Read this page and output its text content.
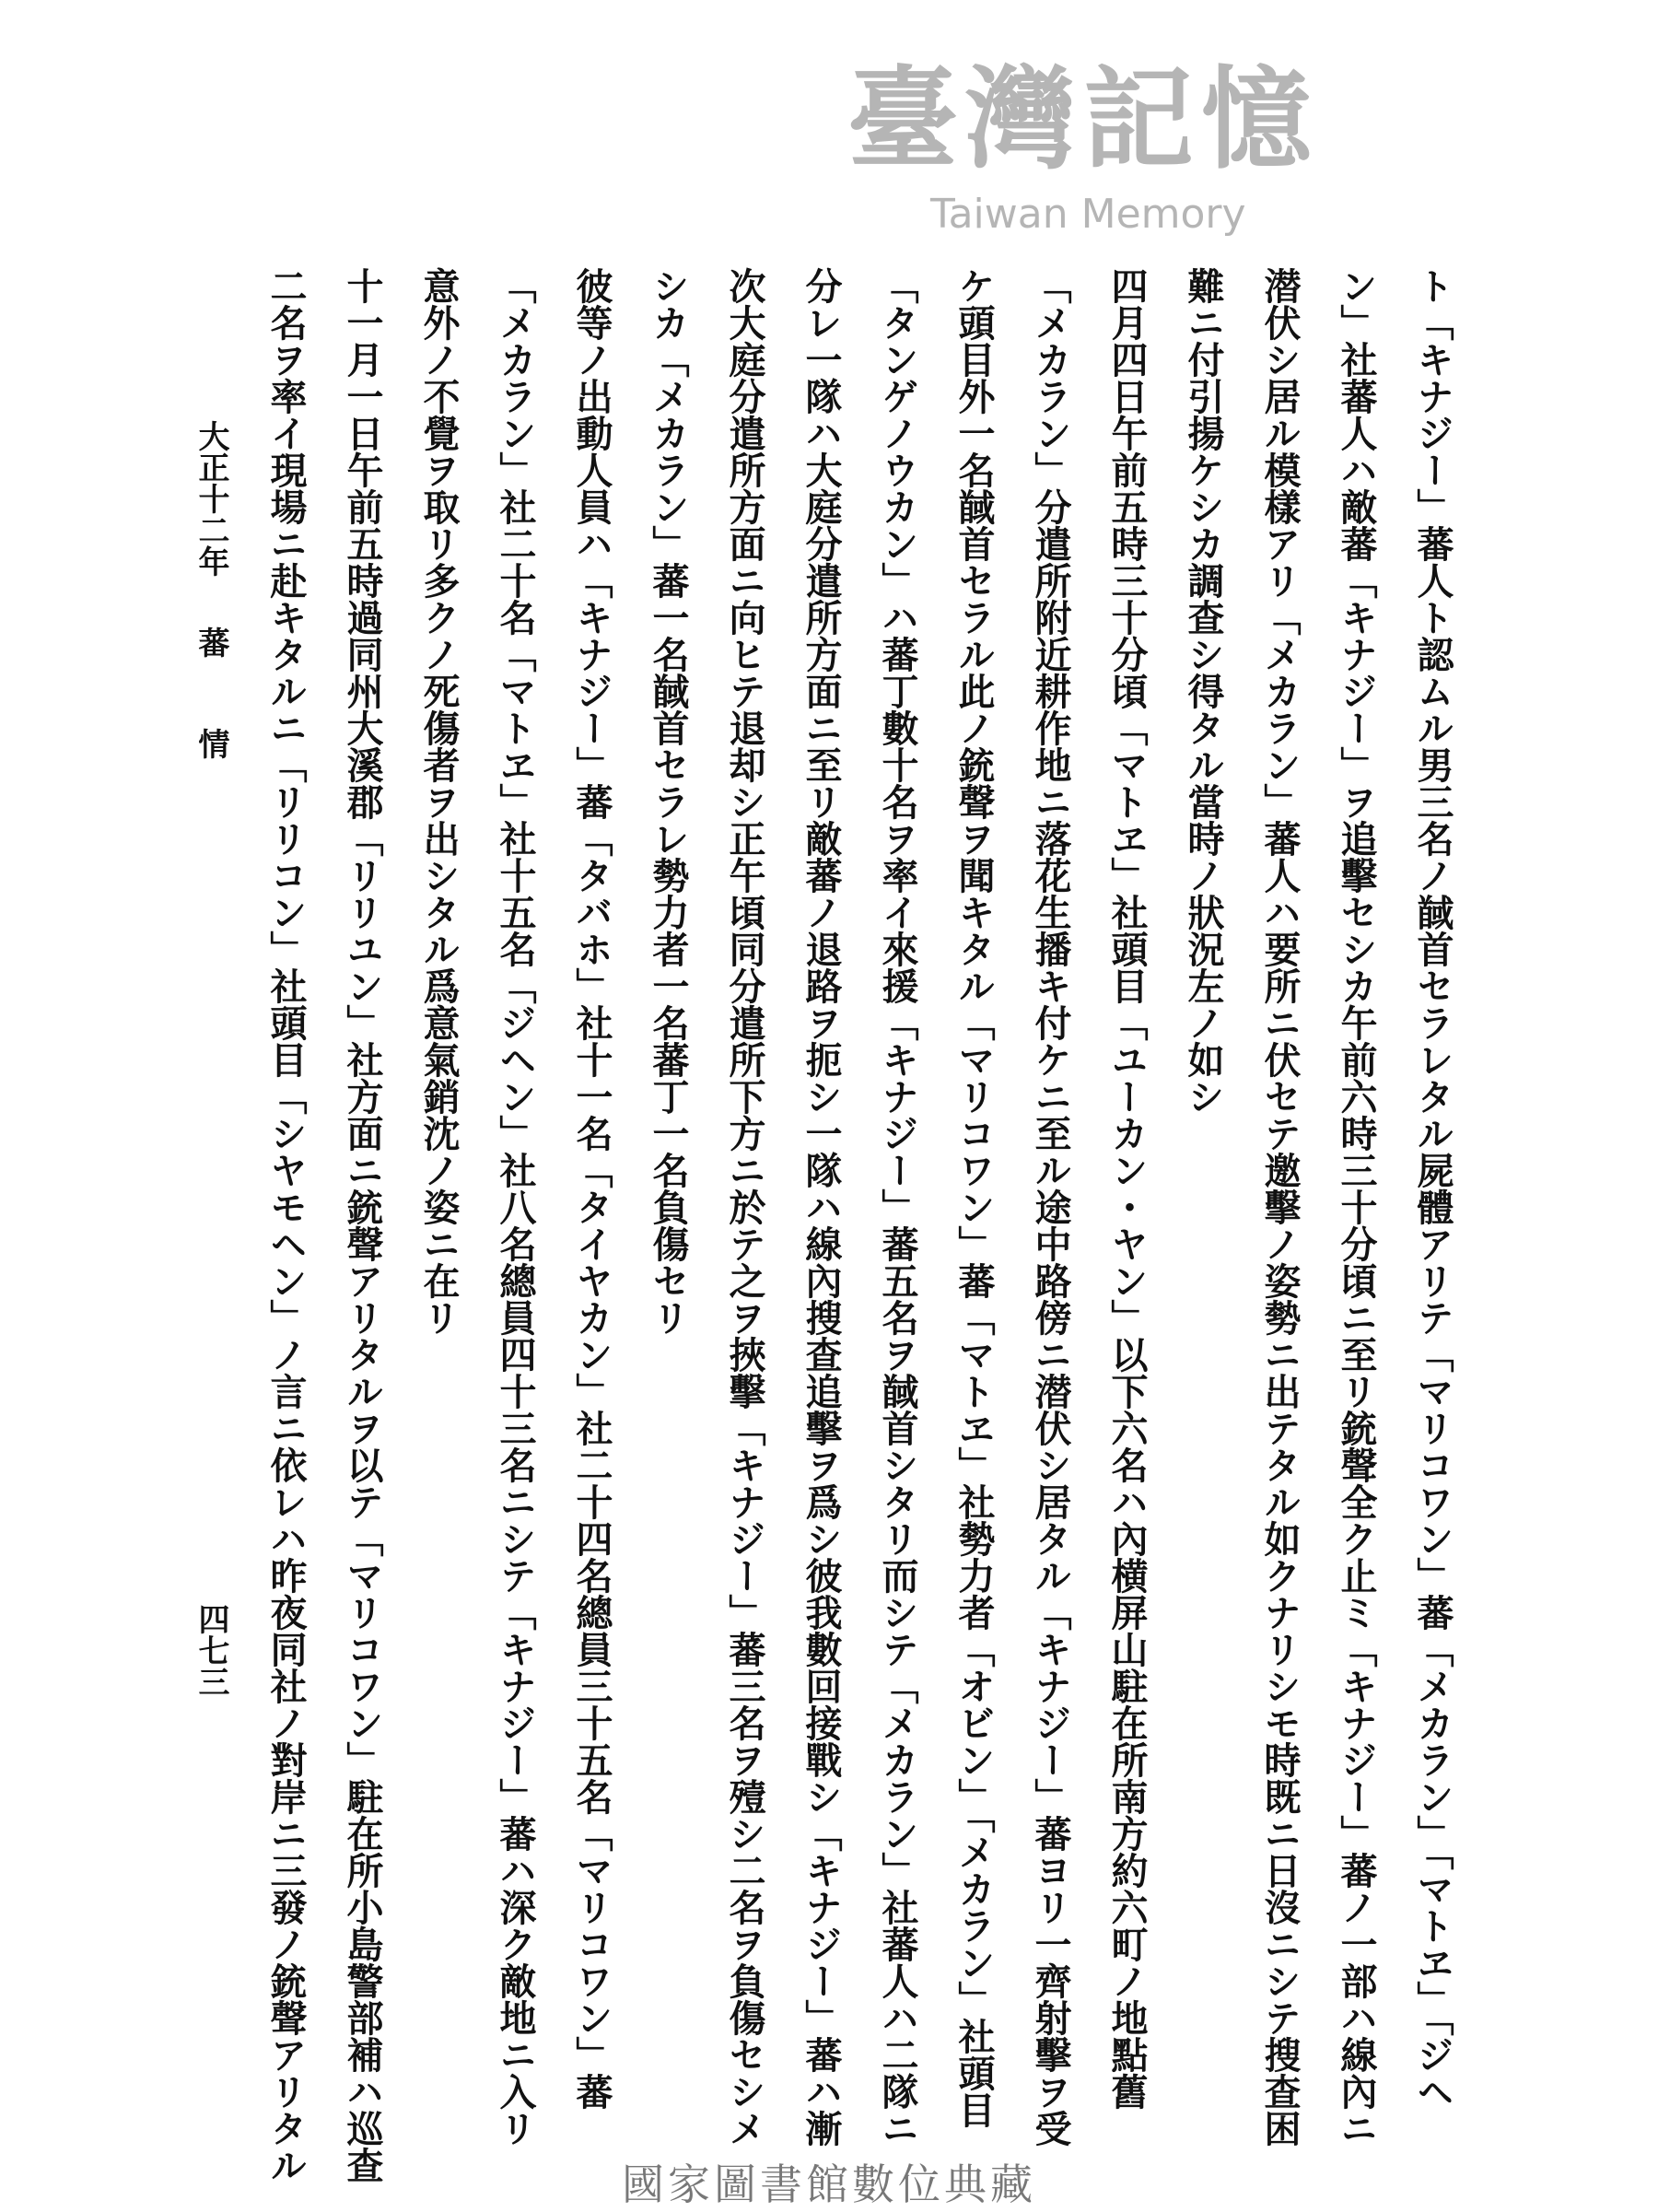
臺灣記憶
Taiwan Memory
ト「キナジー」蕃人ト認ムル男三名ノ馘首セラレタル屍體アリテ「マリコワン」蕃「メカラン」「マトヱ」「ジヘ
ン」社蕃人ハ敵蕃「キナジー」ヲ追擊セシカ午前六時三十分頃ニ至リ銃聲全ク止ミ「キナジー」蕃ノ一部ハ線內ニ
潜伏シ居ル模樣アリ「メカラン」蕃人ハ要所ニ伏セテ邀擊ノ姿勢ニ出テタル如クナリシモ時既ニ日沒ニシテ搜查困
難ニ付引揚ケシカ調查シ得タル當時ノ狀況左ノ如シ
四月四日午前五時三十分頃「マトヱ」社頭目「ユーカン・ヤン」以下六名ハ內横屏山駐在所南方約六町ノ地點舊
「メカラン」分遣所附近耕作地ニ落花生播キ付ケニ至ル途中路傍ニ潜伏シ居タル「キナジー」蕃ヨリ一齊射擊ヲ受
ケ頭目外一名馘首セラル此ノ銃聲ヲ聞キタル「マリコワン」蕃「マトヱ」社勢力者「オビン」「メカラン」社頭目
「タンゲノウカン」ハ蕃丁數十名ヲ率イ來援「キナジー」蕃五名ヲ馘首シタリ而シテ「メカラン」社蕃人ハ二隊ニ
分レ一隊ハ大庭分遣所方面ニ至リ敵蕃ノ退路ヲ扼シ一隊ハ線內搜查追擊ヲ爲シ彼我數回接戰シ「キナジー」蕃ハ漸
次大庭分遣所方面ニ向ヒテ退却シ正午頃同分遣所下方ニ於テ之ヲ挾擊「キナジー」蕃三名ヲ殪シ二名ヲ負傷セシメ
シカ「メカラン」蕃一名馘首セラレ勢力者一名蕃丁一名負傷セリ
彼等ノ出動人員ハ「キナジー」蕃「タバホ」社十一名「タイヤカン」社二十四名總員三十五名「マリコワン」蕃
「メカラン」社二十名「マトヱ」社十五名「ジヘン」社八名總員四十三名ニシテ「キナジー」蕃ハ深ク敵地ニ入リ
意外ノ不覺ヲ取リ多クノ死傷者ヲ出シタル爲意氣銷沈ノ姿ニ在リ
十一月一日午前五時過同州大溪郡「リリユン」社方面ニ銃聲アリタルヲ以テ「マリコワン」駐在所小島警部補ハ巡查
二名ヲ率イ現場ニ赴キタルニ「リリコン」社頭目「シヤモヘン」ノ言ニ依レハ昨夜同社ノ對岸ニ三發ノ銃聲アリタル
大正十二年
蕃
情
四七三
國家圖書館數位典藏
